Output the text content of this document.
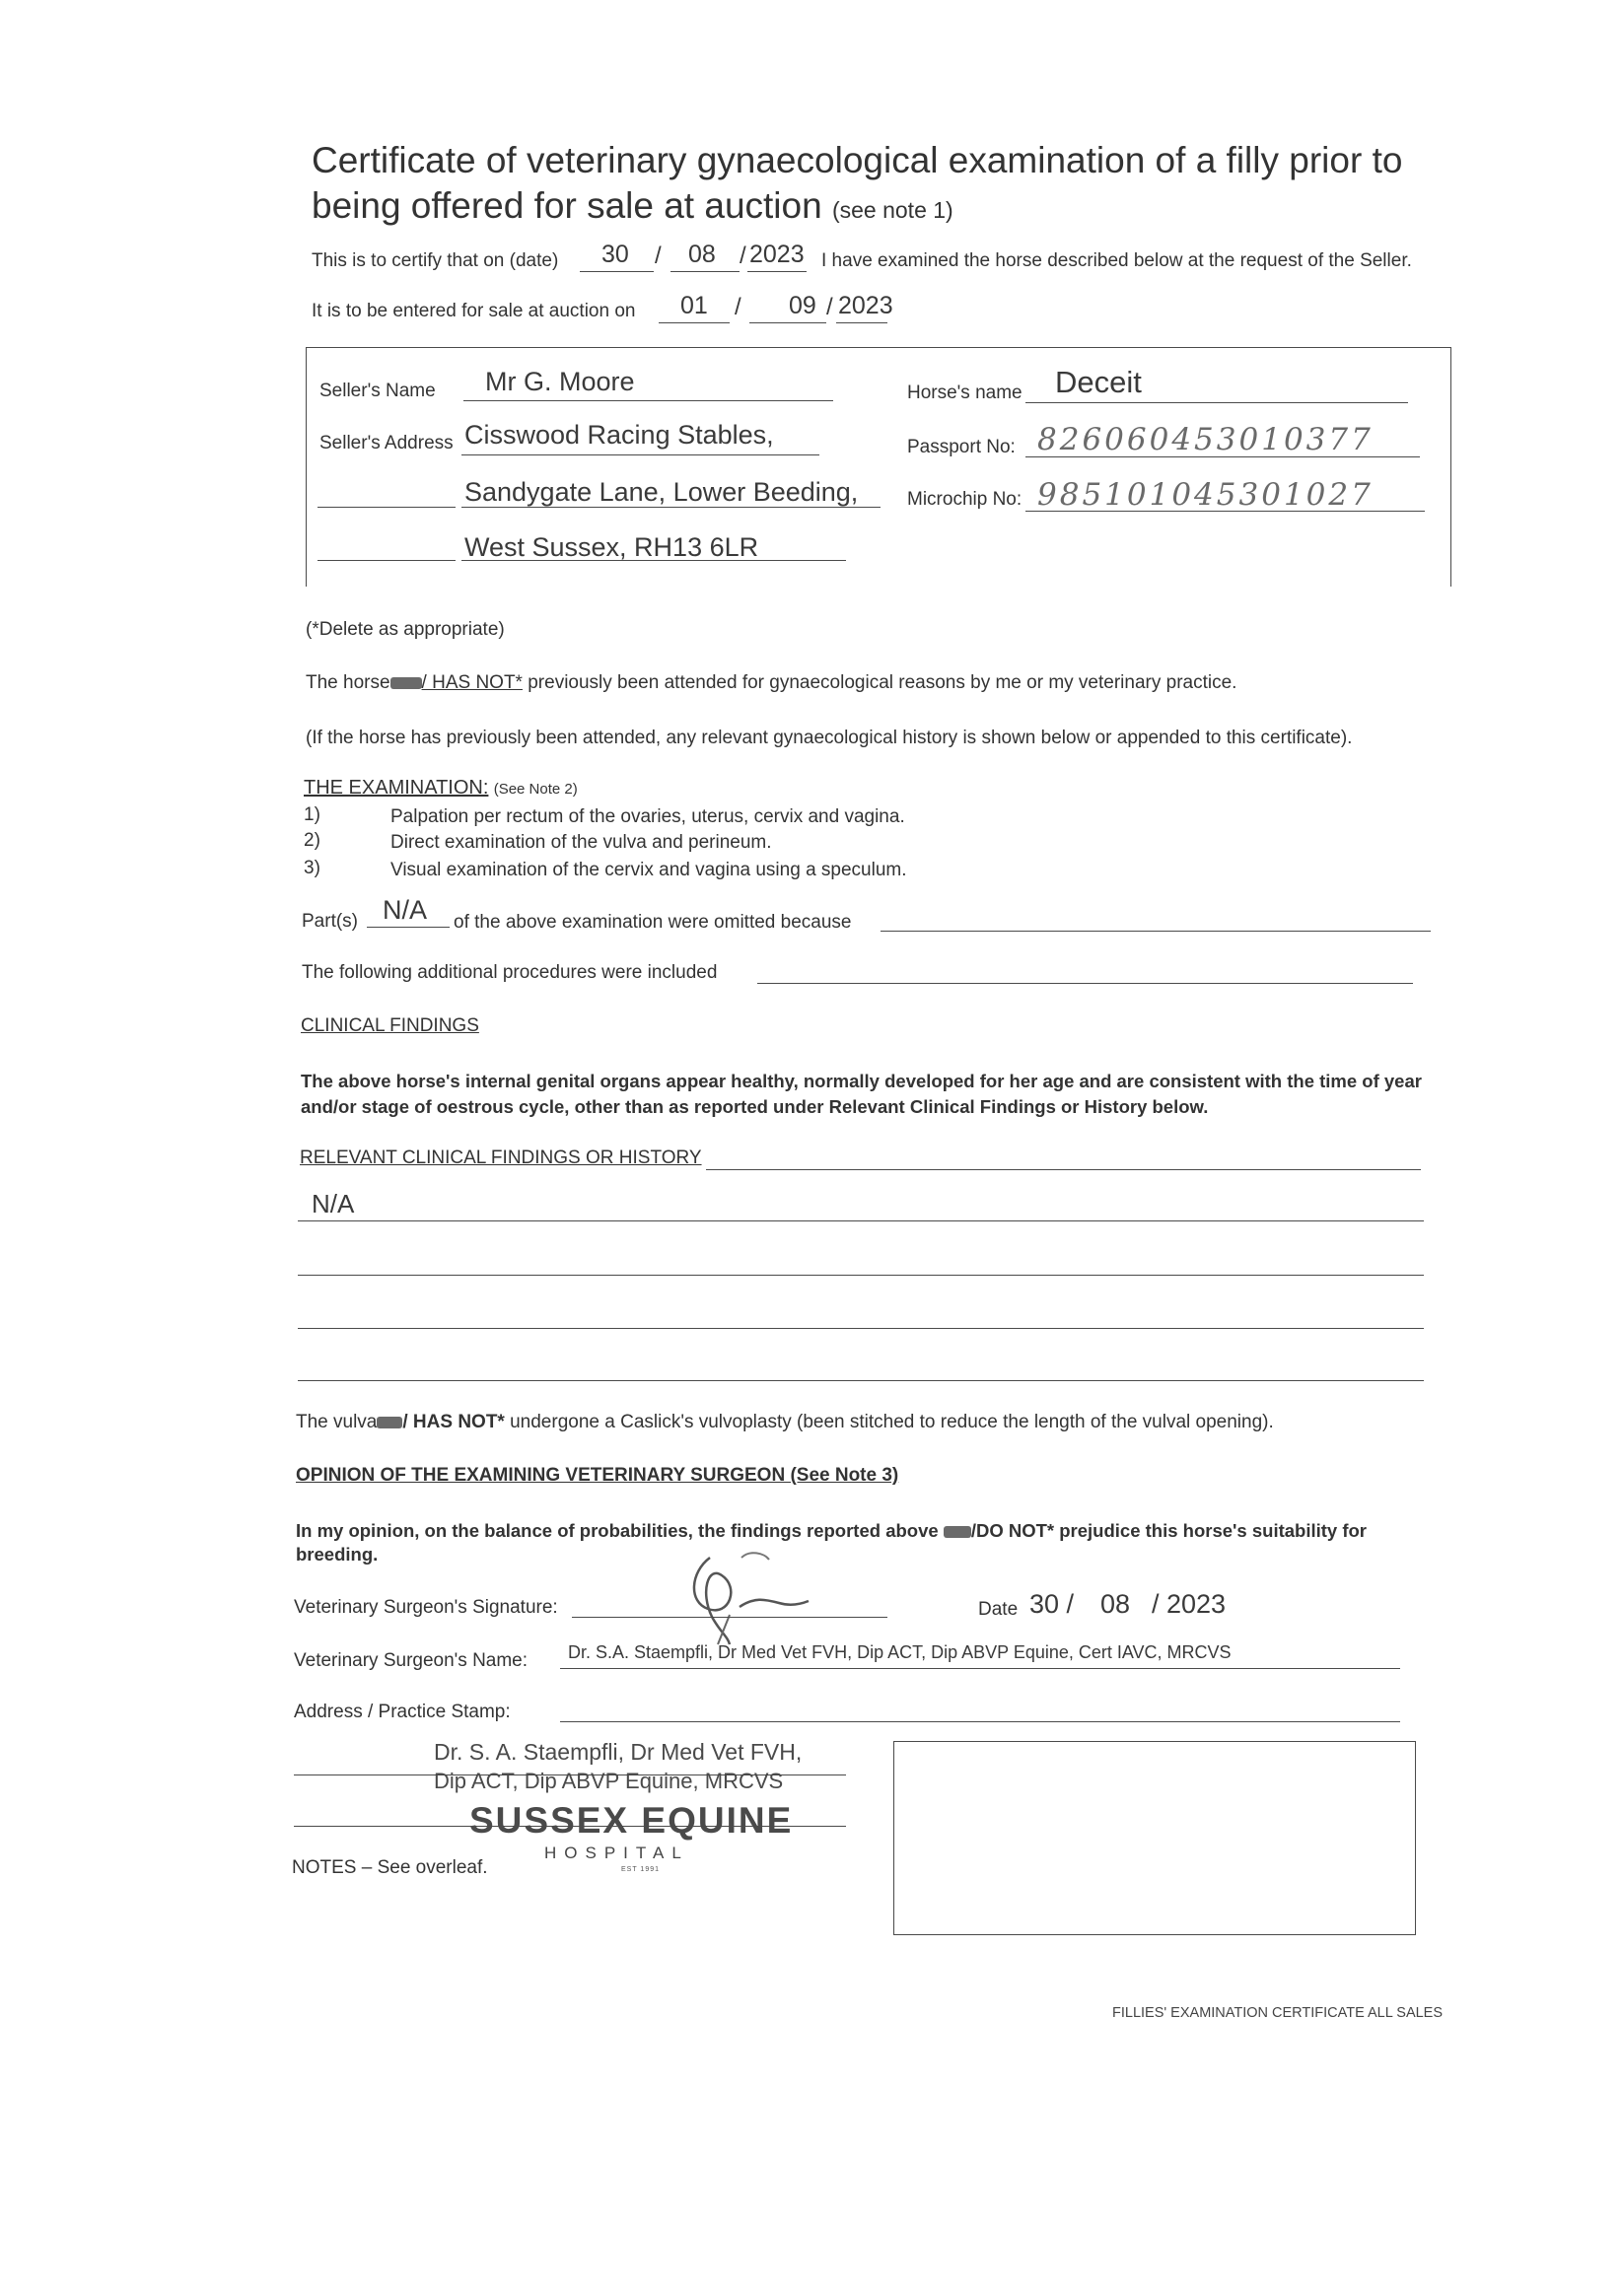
Certificate of veterinary gynaecological examination of a filly prior to
being offered for sale at auction (see note 1)
This is to certify that on (date) 30 / 08 / 2023 I have examined the horse described below at the request of the Seller.
It is to be entered for sale at auction on 01 / 09 / 2023
Seller's Name Mr G. Moore	Horse's name Deceit
Seller's Address Cisswood Racing Stables,	Passport No: 826060453010377
Sandygate Lane, Lower Beeding,	Microchip No: 985101045301027
West Sussex, RH13 6LR
(*Delete as appropriate)
The horse / HAS NOT* previously been attended for gynaecological reasons by me or my veterinary practice.
(If the horse has previously been attended, any relevant gynaecological history is shown below or appended to this certificate).
THE EXAMINATION: (See Note 2)
1)	Palpation per rectum of the ovaries, uterus, cervix and vagina.
2)	Direct examination of the vulva and perineum.
3)	Visual examination of the cervix and vagina using a speculum.
Part(s) N/A of the above examination were omitted because
The following additional procedures were included
CLINICAL FINDINGS
The above horse's internal genital organs appear healthy, normally developed for her age and are consistent with the time of year
and/or stage of oestrous cycle, other than as reported under Relevant Clinical Findings or History below.
RELEVANT CLINICAL FINDINGS OR HISTORY
N/A
The vulva / HAS NOT* undergone a Caslick's vulvoplasty (been stitched to reduce the length of the vulval opening).
OPINION OF THE EXAMINING VETERINARY SURGEON (See Note 3)
In my opinion, on the balance of probabilities, the findings reported above /DO NOT* prejudice this horse's suitability for
breeding.
Veterinary Surgeon's Signature:	Date 30 / 08 / 2023
Veterinary Surgeon's Name: Dr. S.A. Staempfli, Dr Med Vet FVH, Dip ACT, Dip ABVP Equine, Cert IAVC, MRCVS
Address / Practice Stamp:
Dr. S. A. Staempfli, Dr Med Vet FVH,
Dip ACT, Dip ABVP Equine, MRCVS
SUSSEX EQUINE
HOSPITAL
EST 1991
NOTES – See overleaf.
FILLIES' EXAMINATION CERTIFICATE ALL SALES
